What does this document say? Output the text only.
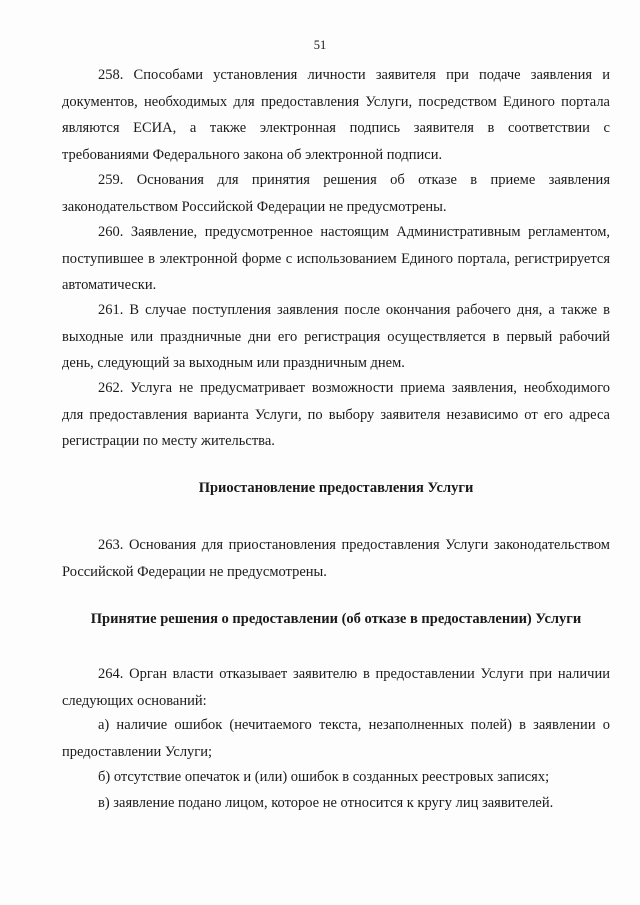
51

258. Способами установления личности заявителя при подаче заявления и документов, необходимых для предоставления Услуги, посредством Единого портала являются ЕСИА, а также электронная подпись заявителя в соответствии с требованиями Федерального закона об электронной подписи.

259. Основания для принятия решения об отказе в приеме заявления законодательством Российской Федерации не предусмотрены.

260. Заявление, предусмотренное настоящим Административным регламентом, поступившее в электронной форме с использованием Единого портала, регистрируется автоматически.

261. В случае поступления заявления после окончания рабочего дня, а также в выходные или праздничные дни его регистрация осуществляется в первый рабочий день, следующий за выходным или праздничным днем.

262. Услуга не предусматривает возможности приема заявления, необходимого для предоставления варианта Услуги, по выбору заявителя независимо от его адреса регистрации по месту жительства.

Приостановление предоставления Услуги

263. Основания для приостановления предоставления Услуги законодательством Российской Федерации не предусмотрены.

Принятие решения о предоставлении (об отказе в предоставлении) Услуги

264. Орган власти отказывает заявителю в предоставлении Услуги при наличии следующих оснований:

а) наличие ошибок (нечитаемого текста, незаполненных полей) в заявлении о предоставлении Услуги;

б) отсутствие опечаток и (или) ошибок в созданных реестровых записях;

в) заявление подано лицом, которое не относится к кругу лиц заявителей.
